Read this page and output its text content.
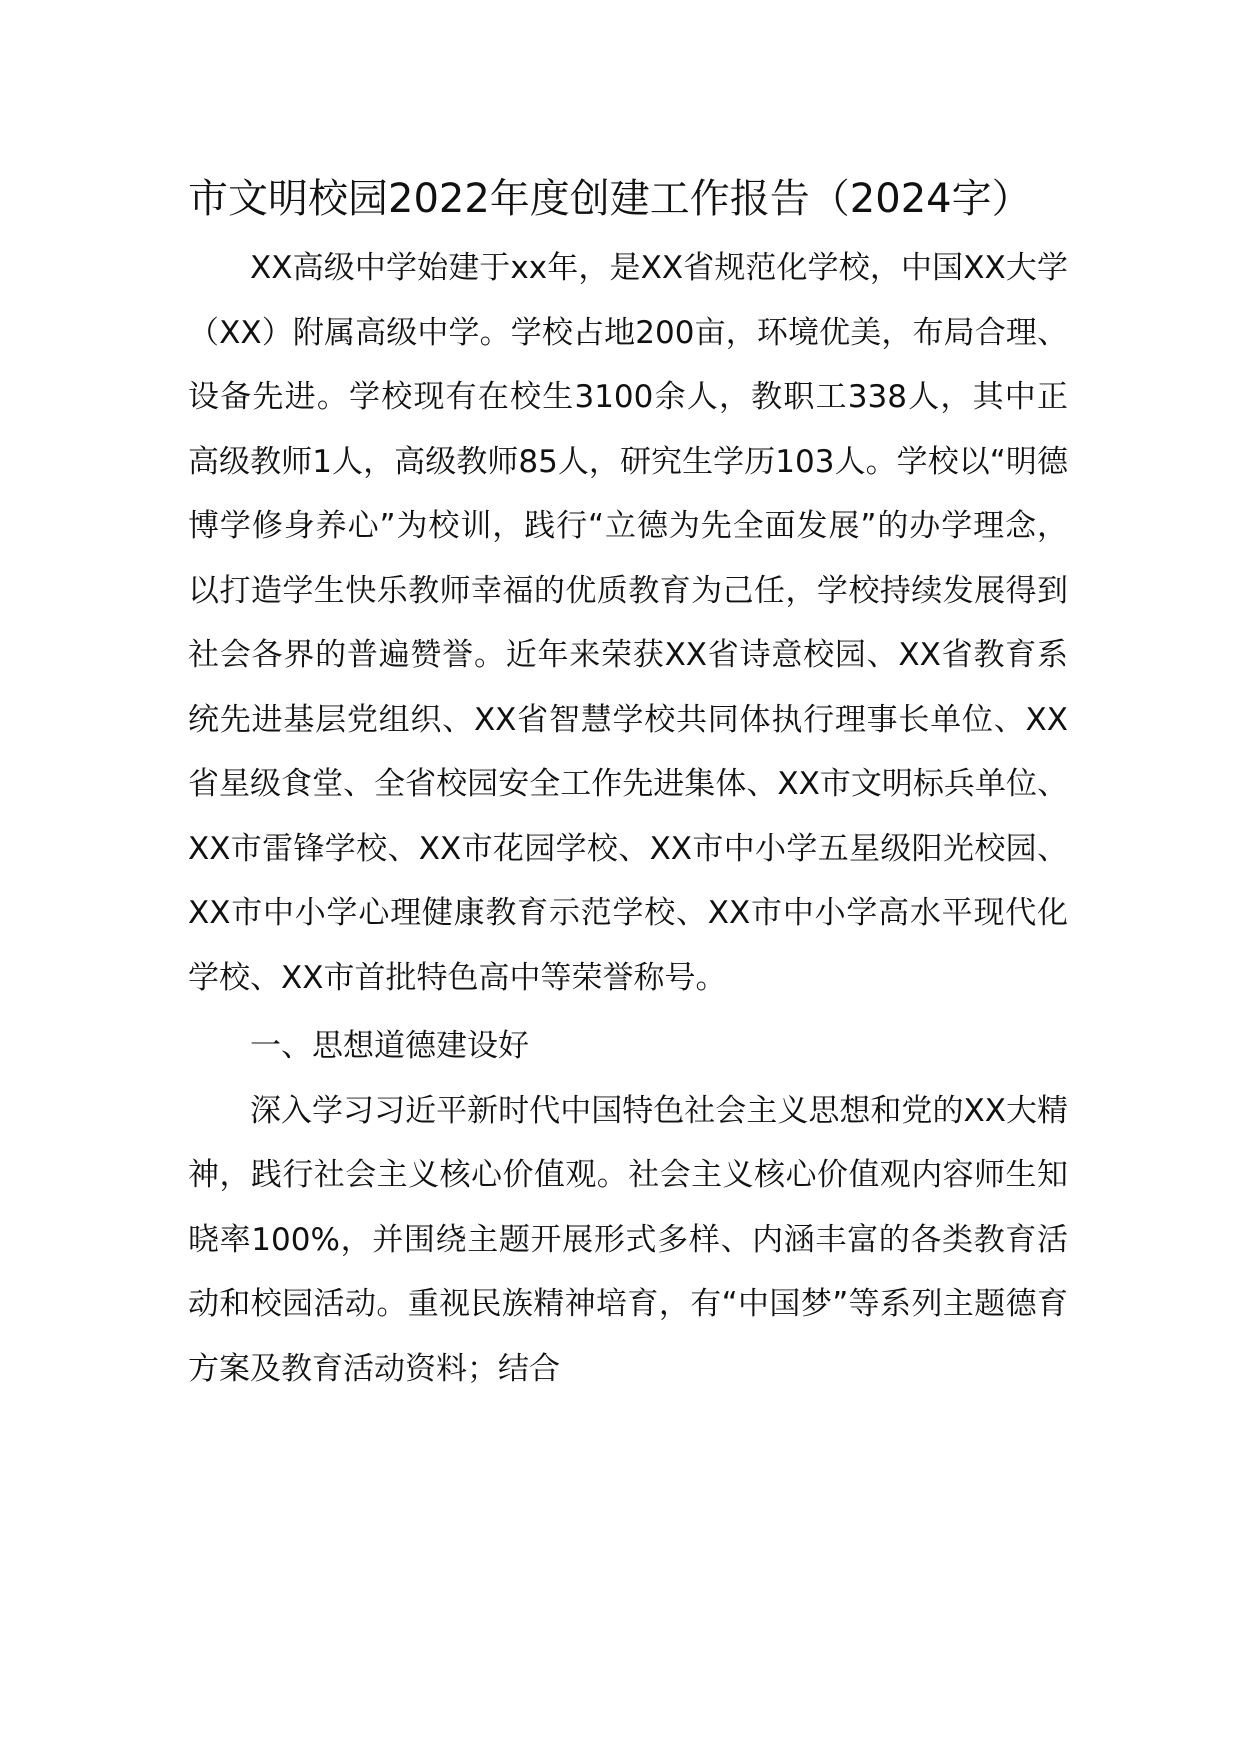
市文明校园2022年度创建工作报告（2024字）

XX高级中学始建于xx年，是XX省规范化学校，中国XX大学（XX）附属高级中学。学校占地200亩，环境优美，布局合理、设备先进。学校现有在校生3100余人，教职工338人，其中正高级教师1人，高级教师85人，研究生学历103人。学校以“明德博学修身养心”为校训，践行“立德为先全面发展”的办学理念，以打造学生快乐教师幸福的优质教育为己任，学校持续发展得到社会各界的普遍赞誉。近年来荣获XX省诗意校园、XX省教育系统先进基层党组织、XX省智慧学校共同体执行理事长单位、XX省星级食堂、全省校园安全工作先进集体、XX市文明标兵单位、XX市雷锋学校、XX市花园学校、XX市中小学五星级阳光校园、XX市中小学心理健康教育示范学校、XX市中小学高水平现代化学校、XX市首批特色高中等荣誉称号。

一、思想道德建设好

深入学习习近平新时代中国特色社会主义思想和党的XX大精神，践行社会主义核心价值观。社会主义核心价值观内容师生知晓率100%，并围绕主题开展形式多样、内涵丰富的各类教育活动和校园活动。重视民族精神培育，有“中国梦”等系列主题德育方案及教育活动资料；结合
